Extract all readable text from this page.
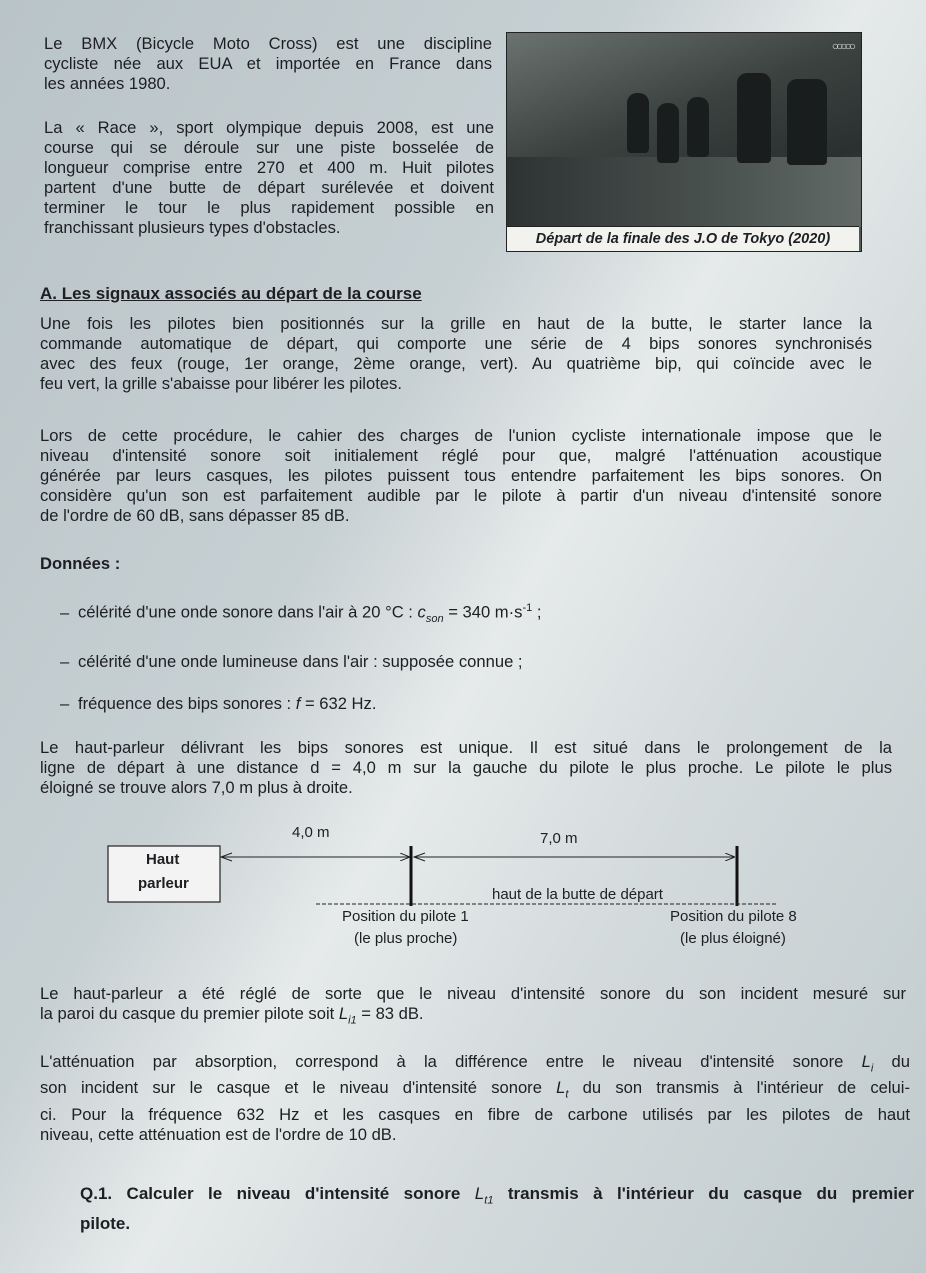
Le BMX (Bicycle Moto Cross) est une discipline
cycliste née aux EUA et importée en France dans
les années 1980.
La « Race », sport olympique depuis 2008, est une
course qui se déroule sur une piste bosselée de
longueur comprise entre 270 et 400 m. Huit pilotes
partent d'une butte de départ surélevée et doivent
terminer le tour le plus rapidement possible en
franchissant plusieurs types d'obstacles.
○○○○○
Départ de la finale des J.O de Tokyo (2020)
A. Les signaux associés au départ de la course
Une fois les pilotes bien positionnés sur la grille en haut de la butte, le starter lance la
commande automatique de départ, qui comporte une série de 4 bips sonores synchronisés
avec des feux (rouge, 1er orange, 2ème orange, vert). Au quatrième bip, qui coïncide avec le
feu vert, la grille s'abaisse pour libérer les pilotes.
Lors de cette procédure, le cahier des charges de l'union cycliste internationale impose que le
niveau d'intensité sonore soit initialement réglé pour que, malgré l'atténuation acoustique
générée par leurs casques, les pilotes puissent tous entendre parfaitement les bips sonores. On
considère qu'un son est parfaitement audible par le pilote à partir d'un niveau d'intensité sonore
de l'ordre de 60 dB, sans dépasser 85 dB.
Données :
– célérité d'une onde sonore dans l'air à 20 °C : $c_{son} = 340$ $m\cdot s^{-1}$ ;
– célérité d'une onde lumineuse dans l'air : supposée connue ;
– fréquence des bips sonores : f = 632 Hz.
Le haut-parleur délivrant les bips sonores est unique. Il est situé dans le prolongement de la
ligne de départ à une distance d = 4,0 m sur la gauche du pilote le plus proche. Le pilote le plus
éloigné se trouve alors 7,0 m plus à droite.
Haut
parleur
4,0 m	7,0 m
haut de la butte de départ
Position du pilote 1
(le plus proche)
Position du pilote 8
(le plus éloigné)
Le haut-parleur a été réglé de sorte que le niveau d'intensité sonore du son incident mesuré sur
la paroi du casque du premier pilote soit $L_{i1} = 83$ dB.
L'atténuation par absorption, correspond à la différence entre le niveau d'intensité sonore $L_i$ du
son incident sur le casque et le niveau d'intensité sonore $L_t$ du son transmis à l'intérieur de celui-
ci. Pour la fréquence 632 Hz et les casques en fibre de carbone utilisés par les pilotes de haut
niveau, cette atténuation est de l'ordre de 10 dB.
Q.1. Calculer le niveau d'intensité sonore $L_{t1}$ transmis à l'intérieur du casque du premier
pilote.
